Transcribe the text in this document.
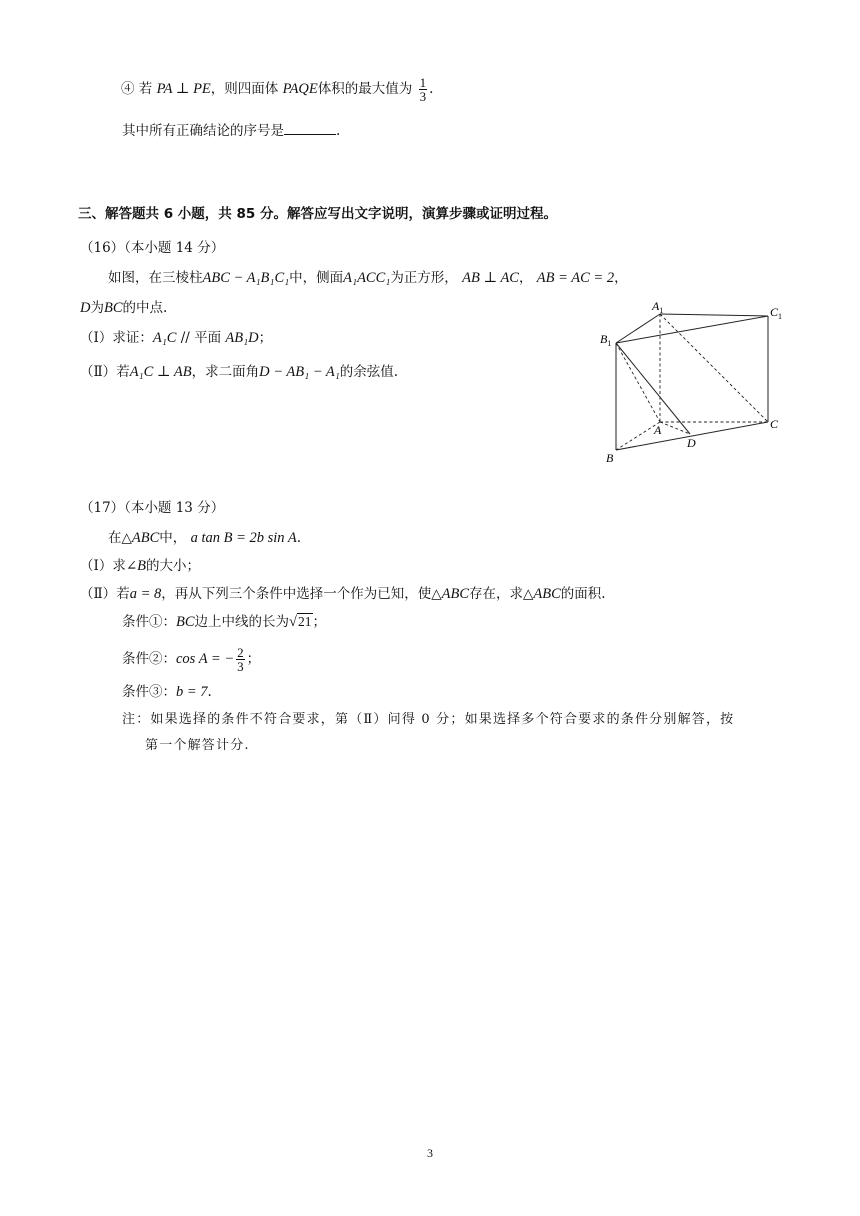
④ 若 PA ⊥ PE，则四面体 PAQE体积的最大值为 $\frac{1}{3}$ .
其中所有正确结论的序号是	.
三、解答题共 6 小题，共 85 分。解答应写出文字说明，演算步骤或证明过程。
（16）（本小题 14 分）
如图，在三棱柱ABC − A₁B₁C₁中，侧面A₁ACC₁为正方形， AB ⊥ AC， AB = AC = 2，
D为BC的中点.
（Ⅰ）求证：A₁C // 平面 AB₁D；
（Ⅱ）若A₁C ⊥ AB，求二面角D − AB₁ − A₁的余弦值.
$A_1$	$C_1$
$B_1$
A	C
B
D
（17）（本小题 13 分）
在△ABC中， a tan B = 2b sin A.
（Ⅰ）求∠B的大小；
（Ⅱ）若a = 8，再从下列三个条件中选择一个作为已知，使△ABC存在，求△ABC的面积.
条件①：BC边上中线的长为√21；
条件②：cos A = − $\frac{2}{3}$ ；
条件③：b = 7.
注：如果选择的条件不符合要求，第（Ⅱ）问得 0 分；如果选择多个符合要求的条件分别解答，按
第一个解答计分.
3
